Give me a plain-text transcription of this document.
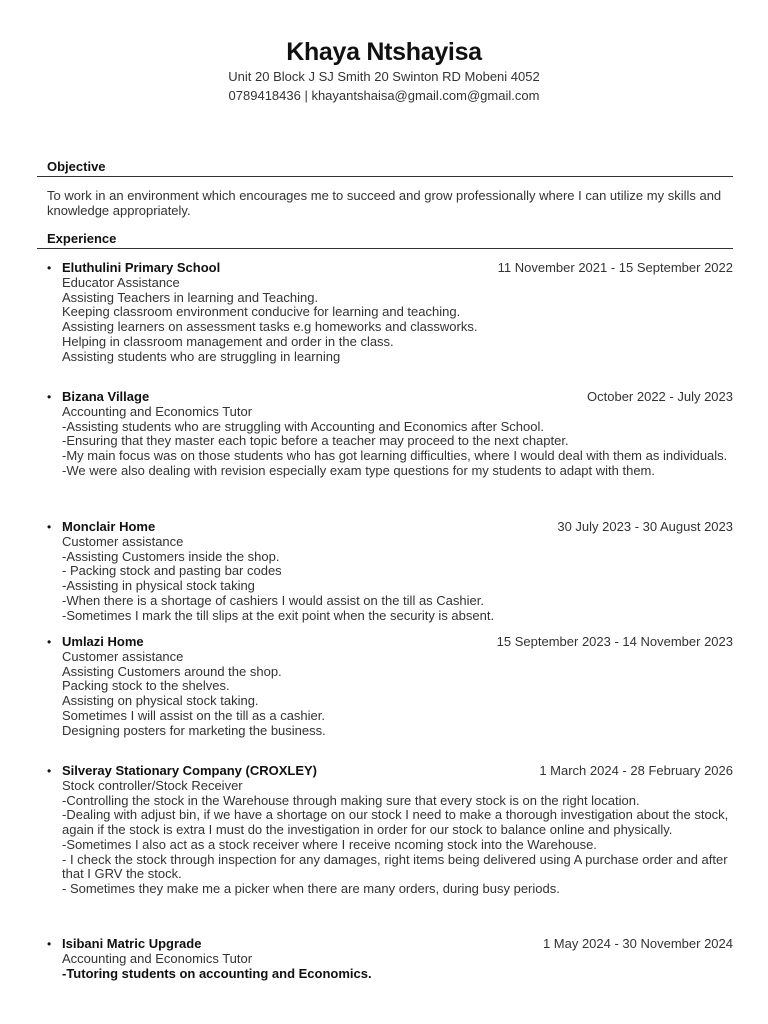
Khaya Ntshayisa
Unit 20 Block J SJ Smith 20 Swinton RD Mobeni 4052
0789418436 | khayantshaisa@gmail.com@gmail.com
Objective
To work in an environment which encourages me to succeed and grow professionally where I can utilize my skills and knowledge appropriately.
Experience
• Eluthulini Primary School	11 November 2021 - 15 September 2022
Educator Assistance
Assisting Teachers in learning and Teaching.
Keeping classroom environment conducive for learning and teaching.
Assisting learners on assessment tasks e.g homeworks and classworks.
Helping in classroom management and order in the class.
Assisting students who are struggling in learning
• Bizana Village	October 2022 - July 2023
Accounting and Economics Tutor
-Assisting students who are struggling with Accounting and Economics after School.
-Ensuring that they master each topic before a teacher may proceed to the next chapter.
-My main focus was on those students who has got learning difficulties, where I would deal with them as individuals.
-We were also dealing with revision especially exam type questions for my students to adapt with them.
• Monclair Home	30 July 2023 - 30 August 2023
Customer assistance
-Assisting Customers inside the shop.
- Packing stock and pasting bar codes
-Assisting in physical stock taking
-When there is a shortage of cashiers I would assist on the till as Cashier.
-Sometimes I mark the till slips at the exit point when the security is absent.
• Umlazi Home	15 September 2023 - 14 November 2023
Customer assistance
Assisting Customers around the shop.
Packing stock to the shelves.
Assisting on physical stock taking.
Sometimes I will assist on the till as a cashier.
Designing posters for marketing the business.
• Silveray Stationary Company (CROXLEY)	1 March 2024 - 28 February 2026
Stock controller/Stock Receiver
-Controlling the stock in the Warehouse through making sure that every stock is on the right location.
-Dealing with adjust bin, if we have a shortage on our stock I need to make a thorough investigation about the stock, again if the stock is extra I must do the investigation in order for our stock to balance online and physically.
-Sometimes I also act as a stock receiver where I receive ncoming stock into the Warehouse.
- I check the stock through inspection for any damages, right items being delivered using A purchase order and after that I GRV the stock.
- Sometimes they make me a picker when there are many orders, during busy periods.
• Isibani Matric Upgrade	1 May 2024 - 30 November 2024
Accounting and Economics Tutor
-Tutoring students on accounting and Economics.
